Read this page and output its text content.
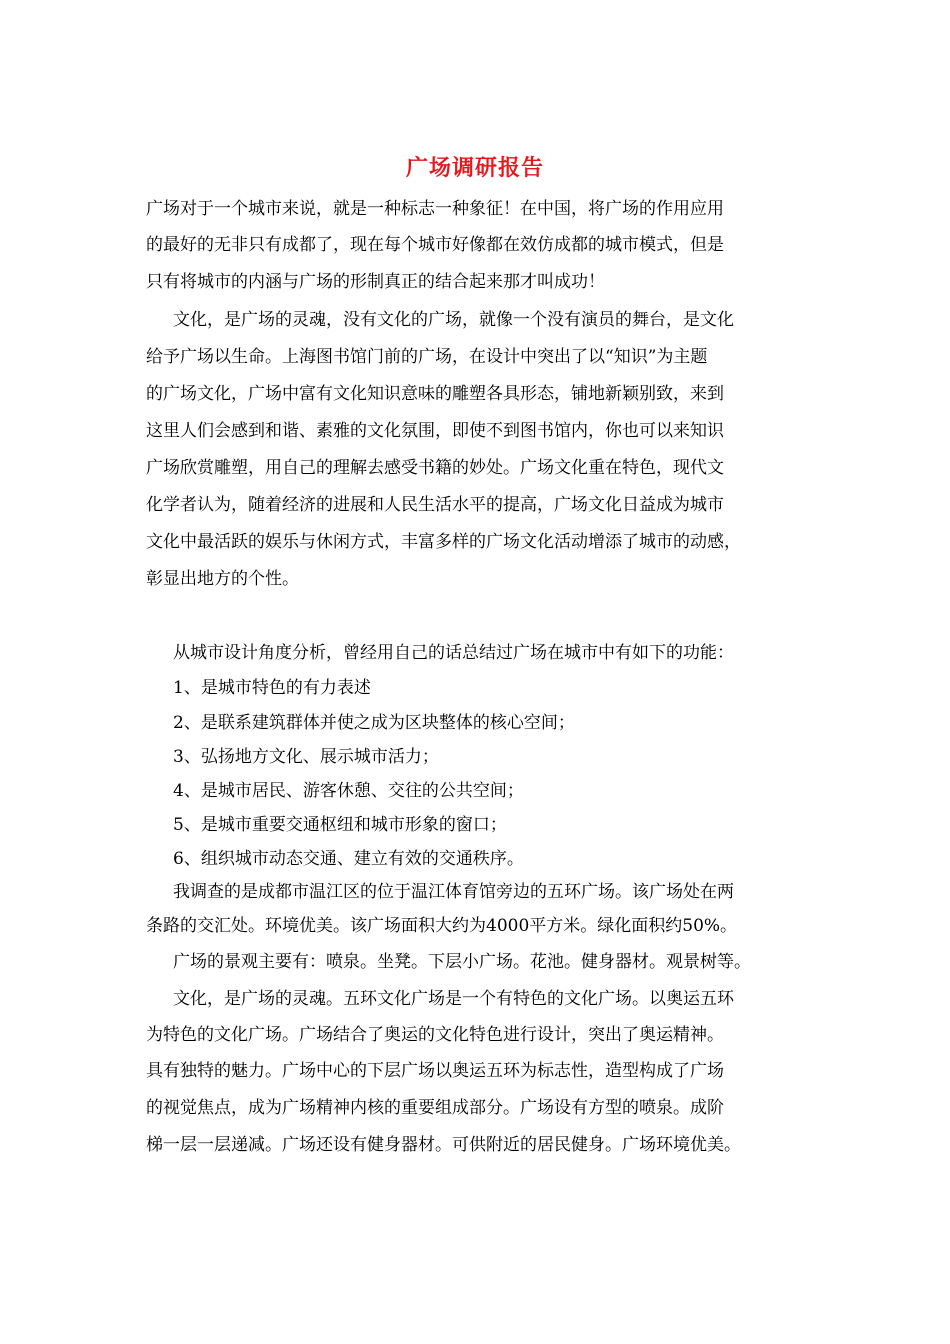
广场调研报告
广场对于一个城市来说，就是一种标志一种象征！在中国，将广场的作用应用
的最好的无非只有成都了，现在每个城市好像都在效仿成都的城市模式，但是
只有将城市的内涵与广场的形制真正的结合起来那才叫成功！
文化，是广场的灵魂，没有文化的广场，就像一个没有演员的舞台，是文化
给予广场以生命。上海图书馆门前的广场，在设计中突出了以“知识”为主题
的广场文化，广场中富有文化知识意味的雕塑各具形态，铺地新颖别致，来到
这里人们会感到和谐、素雅的文化氛围，即使不到图书馆内，你也可以来知识
广场欣赏雕塑，用自己的理解去感受书籍的妙处。广场文化重在特色，现代文
化学者认为，随着经济的进展和人民生活水平的提高，广场文化日益成为城市
文化中最活跃的娱乐与休闲方式，丰富多样的广场文化活动增添了城市的动感，
彰显出地方的个性。
从城市设计角度分析，曾经用自己的话总结过广场在城市中有如下的功能：
1、是城市特色的有力表述
2、是联系建筑群体并使之成为区块整体的核心空间；
3、弘扬地方文化、展示城市活力；
4、是城市居民、游客休憩、交往的公共空间；
5、是城市重要交通枢纽和城市形象的窗口；
6、组织城市动态交通、建立有效的交通秩序。
我调查的是成都市温江区的位于温江体育馆旁边的五环广场。该广场处在两
条路的交汇处。环境优美。该广场面积大约为4000平方米。绿化面积约50%。
广场的景观主要有：喷泉。坐凳。下层小广场。花池。健身器材。观景树等。
文化，是广场的灵魂。五环文化广场是一个有特色的文化广场。以奥运五环
为特色的文化广场。广场结合了奥运的文化特色进行设计，突出了奥运精神。
具有独特的魅力。广场中心的下层广场以奥运五环为标志性，造型构成了广场
的视觉焦点，成为广场精神内核的重要组成部分。广场设有方型的喷泉。成阶
梯一层一层递减。广场还设有健身器材。可供附近的居民健身。广场环境优美。
